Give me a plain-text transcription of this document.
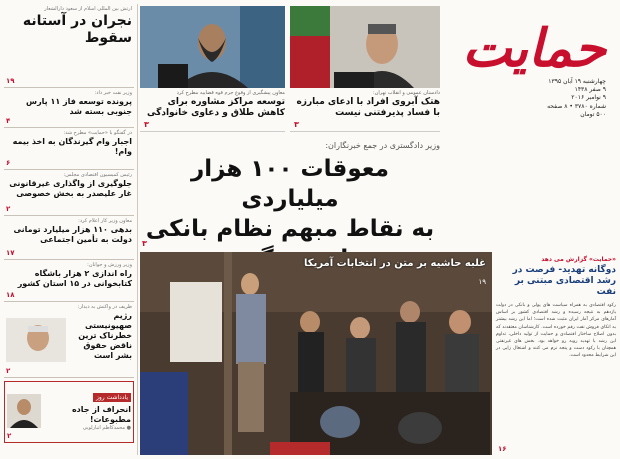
حمایت
چهارشنبه ۱۹ آبان ۱۳۹۵
۹ صفر ۱۴۳۸
۹ نوامبر ۲۰۱۶
شماره ۳۷۸۰ • ۸ صفحه
۵۰۰ تومان
دادستان عمومی و انقلاب تهران:
هتک آبروی افراد با ادعای مبارزه با فساد پذیرفتنی نیست
۳
معاون پیشگیری از وقوع جرم قوه قضاییه مطرح کرد
توسعه مراکز مشاوره برای کاهش طلاق و دعاوی خانوادگی
۳
وزیر دادگستری در جمع خبرنگاران:
معوقات ۱۰۰ هزار میلیاردی
به نقاط مبهم نظام بانکی
۳
غلبه حاشیه بر متن در انتخابات آمریکا
۱۹
«حمایت» گزارش می دهد
دوگانه تهدید- فرصت در رشد اقتصادی مبتنی بر نفت
رکود اقتصادی به همراه سیاست های پولی و بانکی در دولت یازدهم به نتیجه رسیده و رشد اقتصادی کشور بر اساس آمارهای مرکز آمار ایران مثبت شده است؛ اما این رشد بیشتر به اتکای فروش نفت رقم خورده است. کارشناسان معتقدند که بدون اصلاح ساختار اقتصادی و حمایت از تولید داخلی، تداوم این رشد با تهدید روبه رو خواهد بود. بخش های غیرنفتی همچنان با رکود دست و پنجه نرم می کنند و اشتغال زایی در این شرایط محدود است.
۱۶
ارتش بین المللی اسلام از سعود دارالشعار
نجران در آستانه سقوط
۱۹
وزیر نفت خبر داد:
پرونده توسعه فاز ۱۱ پارس جنوبی بسته شد
۴
در گفتگو با «حمایت» مطرح شد:
اجبار وام گیرندگان به اخذ بیمه وام!
۶
رئیس کمیسیون اقتصادی مجلس:
جلوگیری از واگذاری غیرقانونی غار علیصدر به بخش خصوصی
۲
معاون وزیر کار اعلام کرد:
بدهی ۱۱۰ هزار میلیارد تومانی دولت به تأمین اجتماعی
۱۷
وزیر ورزش و جوانان:
راه اندازی ۲ هزار باشگاه کتابخوانی در ۱۵ استان کشور
۱۸
ظریف در واکنش به دیدار:
رژیم صهیونیستی خطرناک ترین ناقض حقوق بشر است
۲
یادداشت روز
انحراف از جاده مطبوعات!
● محمدکاظم انبارلویی
۲
